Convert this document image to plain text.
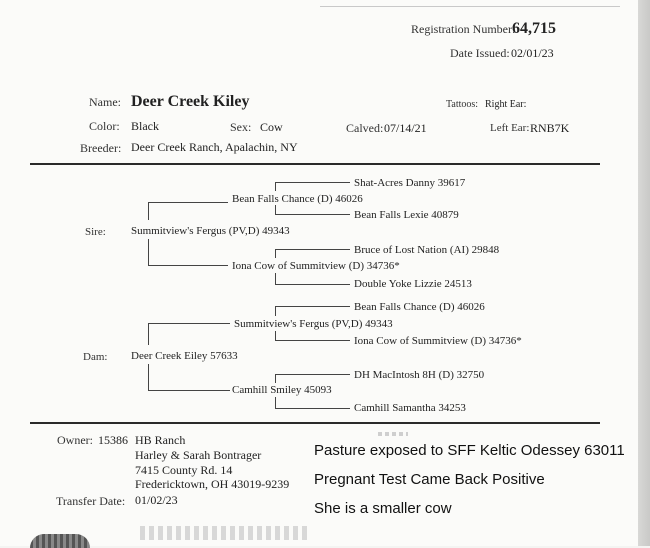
Registration Number:
64,715
Date Issued: 02/01/23
Name: Deer Creek Kiley	Tattoos: Right Ear:
Color: Black	Sex: Cow	Calved: 07/14/21	Left Ear: RNB7K
Breeder: Deer Creek Ranch, Apalachin, NY
Shat-Acres Danny 39617
Bean Falls Chance (D) 46026
Bean Falls Lexie 40879
Sire: Summitview's Fergus (PV,D) 49343
Bruce of Lost Nation (AI) 29848
Iona Cow of Summitview (D) 34736*
Double Yoke Lizzie 24513
Bean Falls Chance (D) 46026
Summitview's Fergus (PV,D) 49343
Iona Cow of Summitview (D) 34736*
Dam: Deer Creek Eiley 57633
DH MacIntosh 8H (D) 32750
Camhill Smiley 45093
Camhill Samantha 34253
Owner: 15386 HB Ranch
Harley & Sarah Bontrager
7415 County Rd. 14
Fredericktown, OH 43019-9239
Transfer Date: 01/02/23
Pasture exposed to SFF Keltic Odessey 63011
Pregnant Test Came Back Positive
She is a smaller cow
